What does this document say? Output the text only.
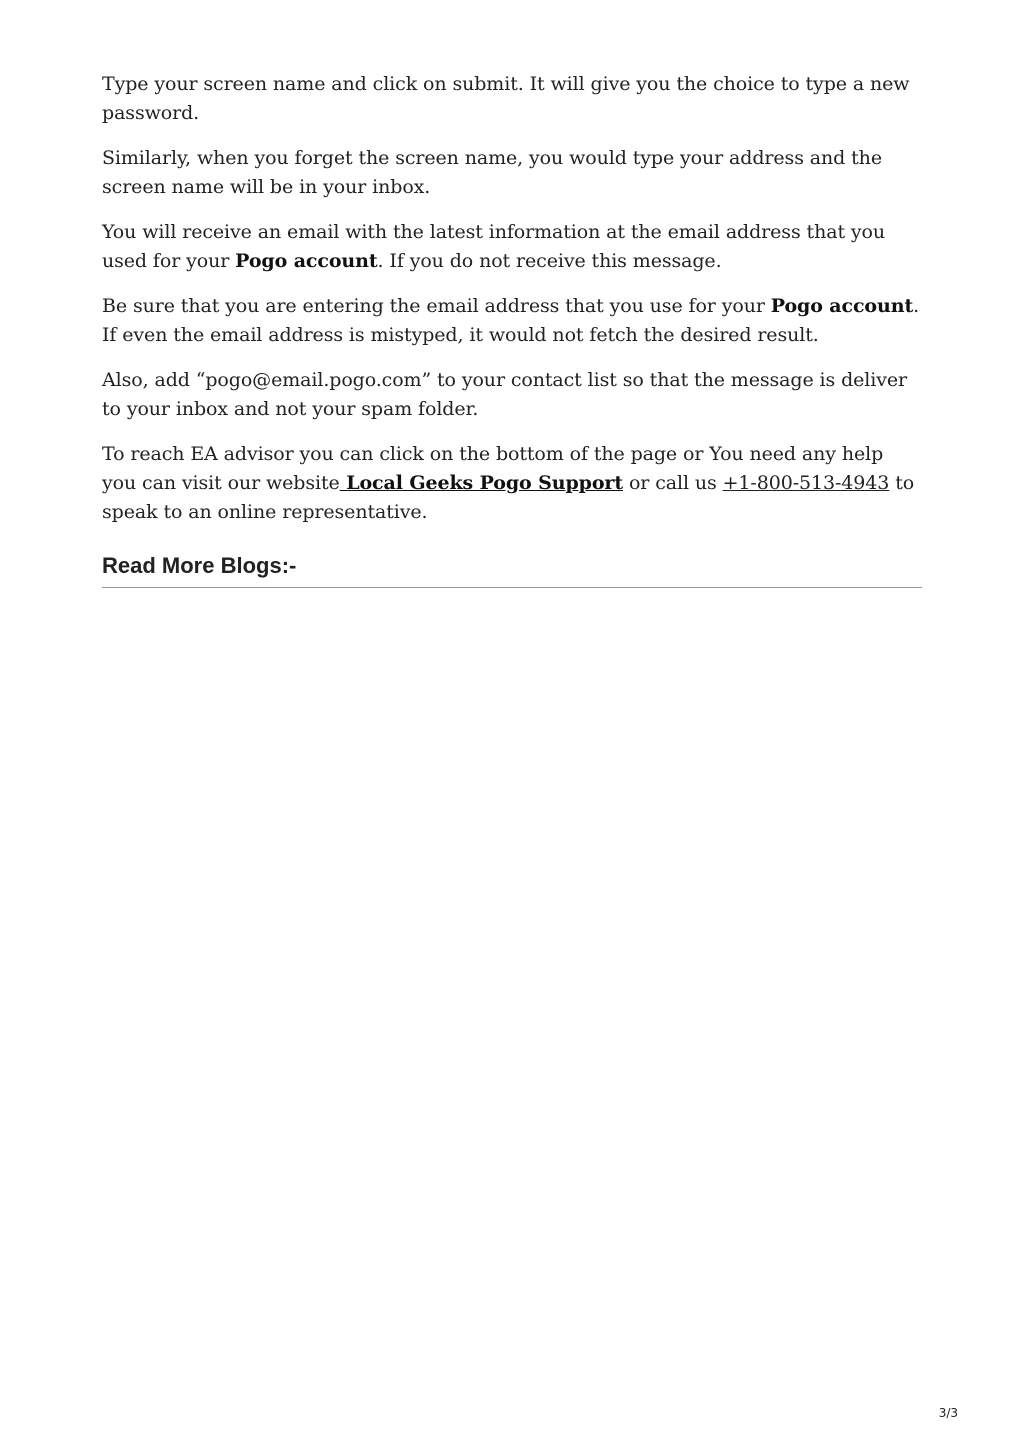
Type your screen name and click on submit. It will give you the choice to type a new password.

Similarly, when you forget the screen name, you would type your address and the screen name will be in your inbox.

You will receive an email with the latest information at the email address that you used for your Pogo account. If you do not receive this message.

Be sure that you are entering the email address that you use for your Pogo account. If even the email address is mistyped, it would not fetch the desired result.

Also, add “pogo@email.pogo.com” to your contact list so that the message is deliver to your inbox and not your spam folder.

To reach EA advisor you can click on the bottom of the page or You need any help you can visit our website Local Geeks Pogo Support or call us +1-800-513-4943 to speak to an online representative.

Read More Blogs:-
3/3
